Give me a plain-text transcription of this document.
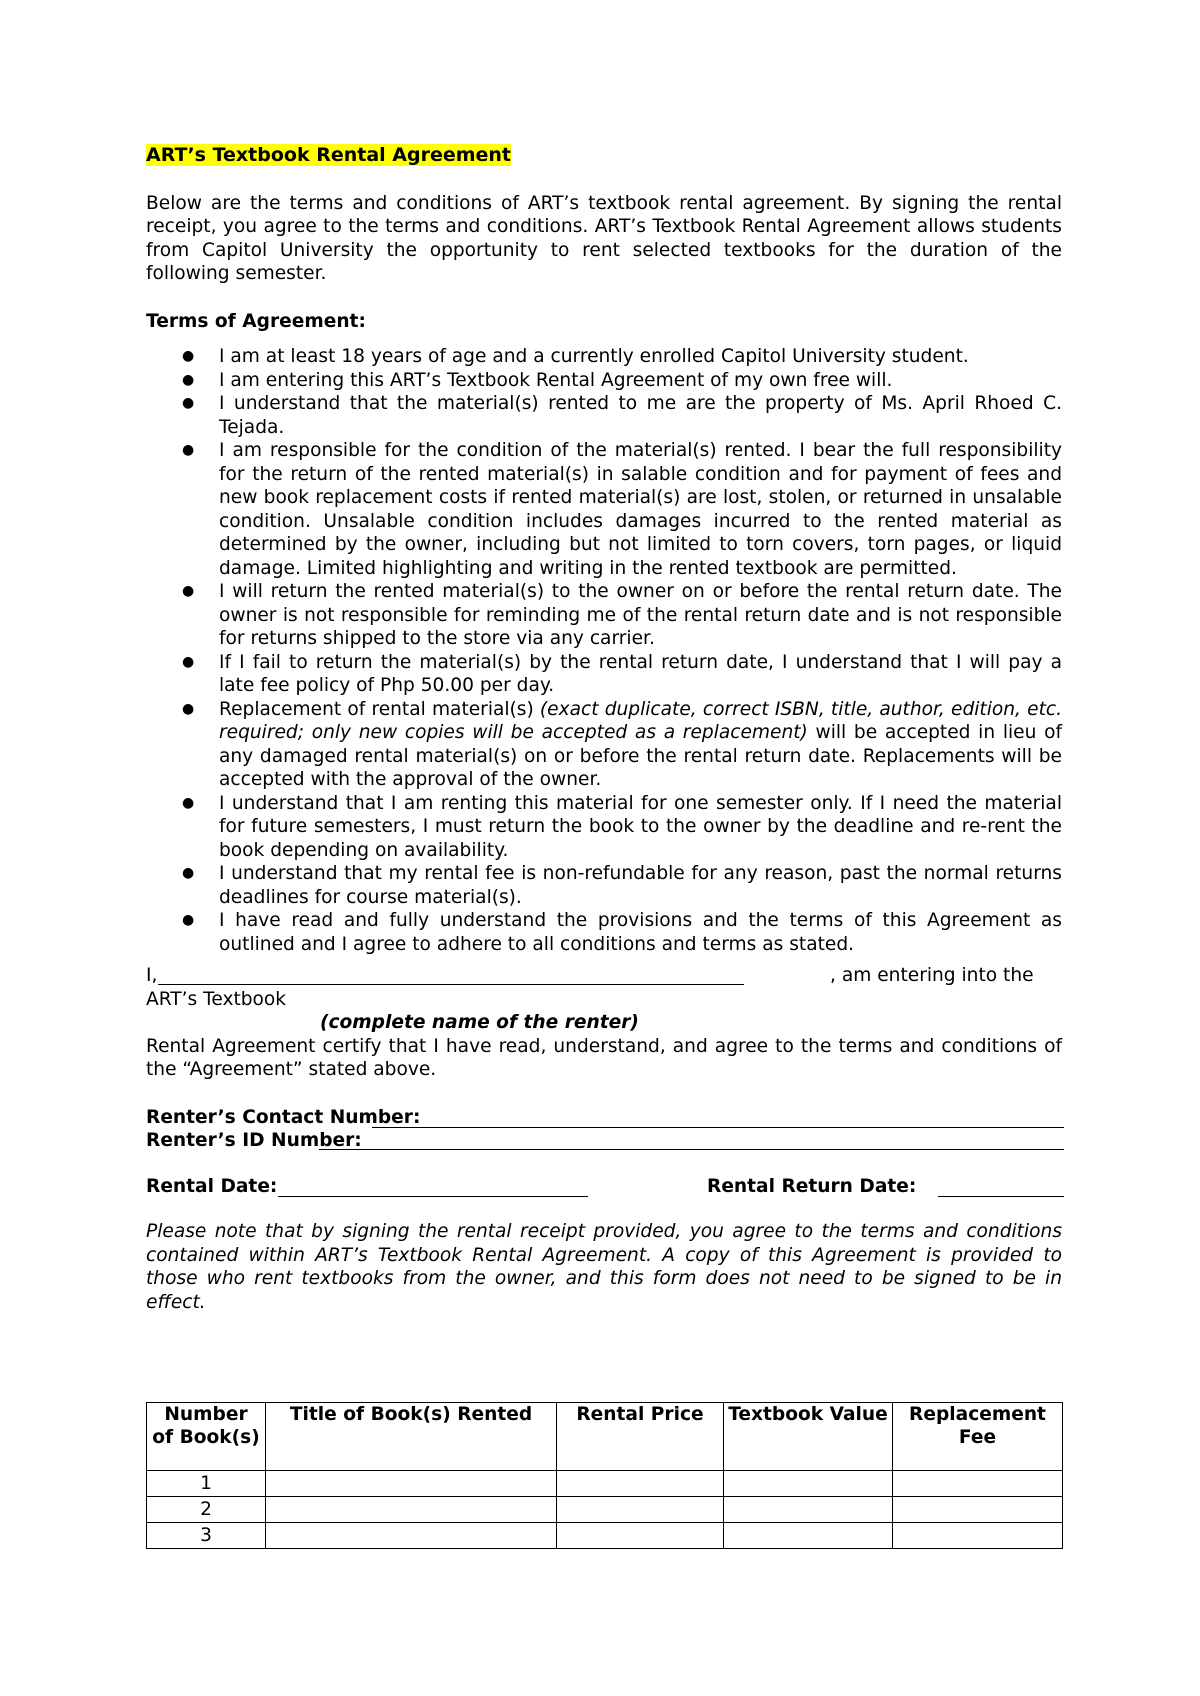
ART’s Textbook Rental Agreement

Below are the terms and conditions of ART’s textbook rental agreement. By signing the rental receipt, you agree to the terms and conditions. ART’s Textbook Rental Agreement allows students from Capitol University the opportunity to rent selected textbooks for the duration of the following semester.

Terms of Agreement:

● I am at least 18 years of age and a currently enrolled Capitol University student.
● I am entering this ART’s Textbook Rental Agreement of my own free will.
● I understand that the material(s) rented to me are the property of Ms. April Rhoed C. Tejada.
● I am responsible for the condition of the material(s) rented. I bear the full responsibility for the return of the rented material(s) in salable condition and for payment of fees and new book replacement costs if rented material(s) are lost, stolen, or returned in unsalable condition. Unsalable condition includes damages incurred to the rented material as determined by the owner, including but not limited to torn covers, torn pages, or liquid damage. Limited highlighting and writing in the rented textbook are permitted.
● I will return the rented material(s) to the owner on or before the rental return date. The owner is not responsible for reminding me of the rental return date and is not responsible for returns shipped to the store via any carrier.
● If I fail to return the material(s) by the rental return date, I understand that I will pay a late fee policy of Php 50.00 per day.
● Replacement of rental material(s) (exact duplicate, correct ISBN, title, author, edition, etc. required; only new copies will be accepted as a replacement) will be accepted in lieu of any damaged rental material(s) on or before the rental return date. Replacements will be accepted with the approval of the owner.
● I understand that I am renting this material for one semester only. If I need the material for future semesters, I must return the book to the owner by the deadline and re-rent the book depending on availability.
● I understand that my rental fee is non-refundable for any reason, past the normal returns deadlines for course material(s).
● I have read and fully understand the provisions and the terms of this Agreement as outlined and I agree to adhere to all conditions and terms as stated.
I,	, am entering into the

ART’s Textbook

(complete name of the renter)

Rental Agreement certify that I have read, understand, and agree to the terms and conditions of the “Agreement” stated above.

Renter’s Contact Number:
Renter’s ID Number:
Rental Date:	Rental Return Date:

Please note that by signing the rental receipt provided, you agree to the terms and conditions contained within ART’s Textbook Rental Agreement. A copy of this Agreement is provided to those who rent textbooks from the owner, and this form does not need to be signed to be in effect.

Number of Book(s)	Title of Book(s) Rented	Rental Price	Textbook Value	Replacement Fee
1				
2				
3				
